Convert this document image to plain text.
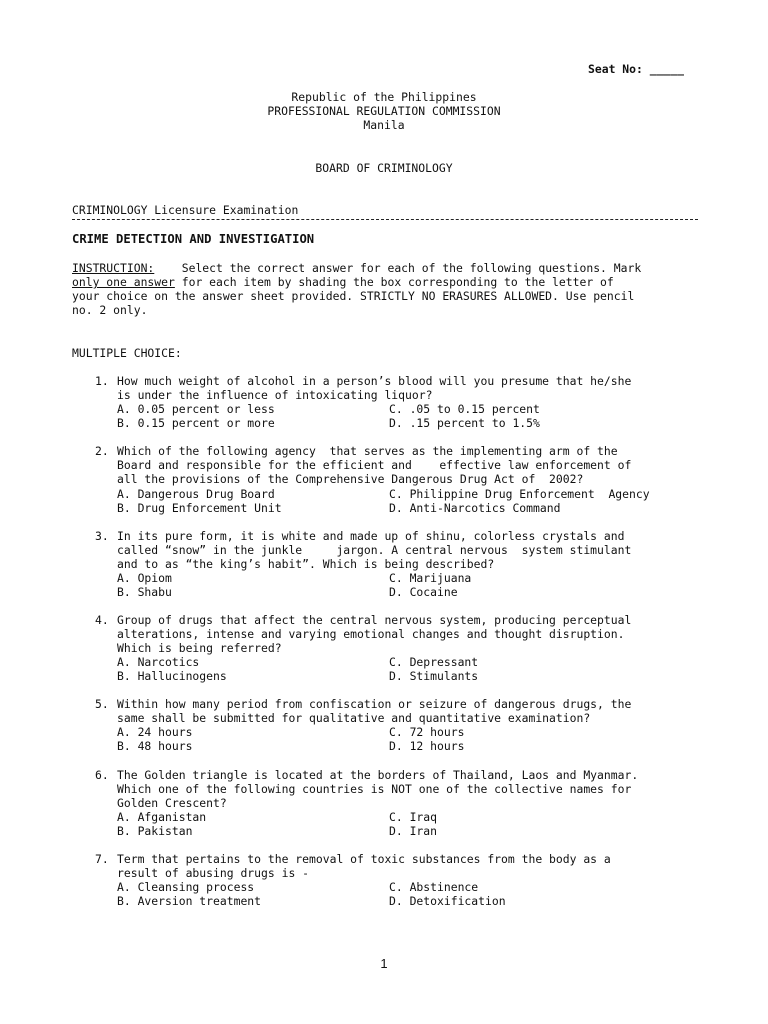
Seat No: _____
Republic of the Philippines
PROFESSIONAL REGULATION COMMISSION
Manila
BOARD OF CRIMINOLOGY
CRIMINOLOGY Licensure Examination
CRIME DETECTION AND INVESTIGATION
INSTRUCTION:    Select the correct answer for each of the following questions. Mark
only one answer for each item by shading the box corresponding to the letter of
your choice on the answer sheet provided. STRICTLY NO ERASURES ALLOWED. Use pencil
no. 2 only.
MULTIPLE CHOICE:
1. How much weight of alcohol in a person’s blood will you presume that he/she
is under the influence of intoxicating liquor?
A. 0.05 percent or less	C. .05 to 0.15 percent
B. 0.15 percent or more	D. .15 percent to 1.5%
2. Which of the following agency  that serves as the implementing arm of the
Board and responsible for the efficient and    effective law enforcement of
all the provisions of the Comprehensive Dangerous Drug Act of  2002?
A. Dangerous Drug Board	C. Philippine Drug Enforcement  Agency
B. Drug Enforcement Unit	D. Anti-Narcotics Command
3. In its pure form, it is white and made up of shinu, colorless crystals and
called “snow” in the junkle     jargon. A central nervous  system stimulant
and to as “the king’s habit”. Which is being described?
A. Opiom	C. Marijuana
B. Shabu	D. Cocaine
4. Group of drugs that affect the central nervous system, producing perceptual
alterations, intense and varying emotional changes and thought disruption.
Which is being referred?
A. Narcotics	C. Depressant
B. Hallucinogens	D. Stimulants
5. Within how many period from confiscation or seizure of dangerous drugs, the
same shall be submitted for qualitative and quantitative examination?
A. 24 hours	C. 72 hours
B. 48 hours	D. 12 hours
6. The Golden triangle is located at the borders of Thailand, Laos and Myanmar.
Which one of the following countries is NOT one of the collective names for
Golden Crescent?
A. Afganistan	C. Iraq
B. Pakistan	D. Iran
7. Term that pertains to the removal of toxic substances from the body as a
result of abusing drugs is -
A. Cleansing process	C. Abstinence
B. Aversion treatment	D. Detoxification
1
